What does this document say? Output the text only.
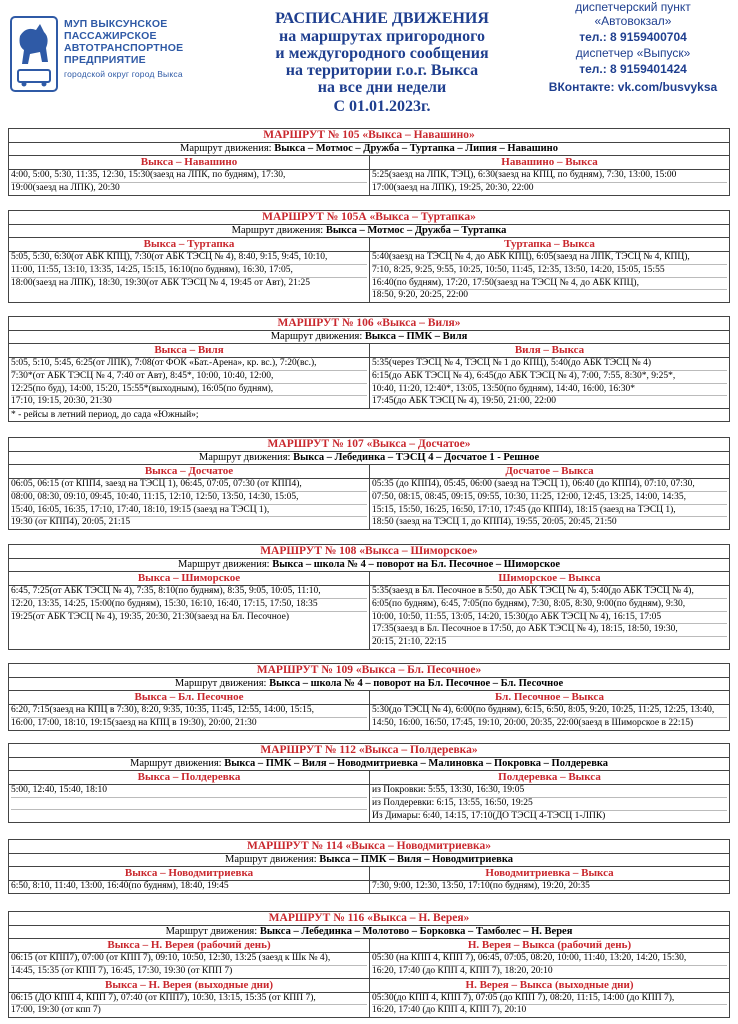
МУП ВЫКСУНСКОЕ
ПАССАЖИРСКОЕ
АВТОТРАНСПОРТНОЕ
ПРЕДПРИЯТИЕ
городской округ город Выкса
РАСПИСАНИЕ ДВИЖЕНИЯ
на маршрутах пригородного
и междугородного сообщения
на территории г.о.г. Выкса
на все дни недели
С 01.01.2023г.
диспетчерский пункт
«Автовокзал»
тел.: 8 9159400704
диспетчер «Выпуск»
тел.: 8 9159401424
ВКонтакте: vk.com/busvyksa
МАРШРУТ № 105 «Выкса – Навашино»
Маршрут движения: Выкса – Мотмос – Дружба – Туртапка – Липия – Навашино
Выкса – Навашино
4:00, 5:00, 5:30, 11:35, 12:30, 15:30(заезд на ЛПК, по будням), 17:30,
19:00(заезд на ЛПК), 20:30
Навашино – Выкса
5:25(заезд на ЛПК, ТЭЦ), 6:30(заезд на КПЦ, по будням), 7:30, 13:00, 15:00
17:00(заезд на ЛПК), 19:25, 20:30, 22:00
МАРШРУТ № 105А «Выкса – Туртапка»
Маршрут движения: Выкса – Мотмос – Дружба – Туртапка
Выкса – Туртапка
5:05, 5:30, 6:30(от АБК КПЦ), 7:30(от АБК ТЭСЦ № 4), 8:40, 9:15, 9:45, 10:10,
11:00, 11:55, 13:10, 13:35, 14:25, 15:15, 16:10(по будням), 16:30, 17:05,
18:00(заезд на ЛПК), 18:30, 19:30(от АБК ТЭСЦ № 4, 19:45 от Авт), 21:25
Туртапка – Выкса
5:40(заезд на ТЭСЦ № 4, до АБК КПЦ), 6:05(заезд на ЛПК, ТЭСЦ № 4, КПЦ),
7:10, 8:25, 9:25, 9:55, 10:25, 10:50, 11:45, 12:35, 13:50, 14:20, 15:05, 15:55
16:40(по будням), 17:20, 17:50(заезд на ТЭСЦ № 4, до АБК КПЦ),
18:50, 9:20, 20:25, 22:00
МАРШРУТ № 106 «Выкса – Виля»
Маршрут движения: Выкса – ПМК – Виля
Выкса – Виля
5:05, 5:10, 5:45, 6:25(от ЛПК), 7:08(от ФОК «Бат.-Арена», кр. вс.), 7:20(вс.),
7:30*(от АБК ТЭСЦ № 4, 7:40 от Авт), 8:45*, 10:00, 10:40, 12:00,
12:25(по буд), 14:00, 15:20, 15:55*(выходным), 16:05(по будням),
17:10, 19:15, 20:30, 21:30
Виля – Выкса
5:35(через ТЭСЦ № 4, ТЭСЦ № 1 до КПЦ), 5:40(до АБК ТЭСЦ № 4)
6:15(до АБК ТЭСЦ № 4), 6:45(до АБК ТЭСЦ № 4), 7:00, 7:55, 8:30*, 9:25*,
10:40, 11:20, 12:40*, 13:05, 13:50(по будням), 14:40, 16:00, 16:30*
17:45(до АБК ТЭСЦ № 4), 19:50, 21:00, 22:00
* - рейсы в летний период, до сада «Южный»;
МАРШРУТ № 107 «Выкса – Досчатое»
Маршрут движения: Выкса – Лебединка – ТЭСЦ 4 – Досчатое 1 - Решное
Выкса – Досчатое
06:05, 06:15 (от КПП4, заезд на ТЭСЦ 1), 06:45, 07:05, 07:30 (от КПП4),
08:00, 08:30, 09:10, 09:45, 10:40, 11:15, 12:10, 12:50, 13:50, 14:30, 15:05,
15:40, 16:05, 16:35, 17:10, 17:40, 18:10, 19:15 (заезд на ТЭСЦ 1),
19:30 (от КПП4), 20:05, 21:15
Досчатое – Выкса
05:35 (до КПП4), 05:45, 06:00 (заезд на ТЭСЦ 1), 06:40 (до КПП4), 07:10, 07:30,
07:50, 08:15, 08:45, 09:15, 09:55, 10:30, 11:25, 12:00, 12:45, 13:25, 14:00, 14:35,
15:15, 15:50, 16:25, 16:50, 17:10, 17:45 (до КПП4), 18:15 (заезд на ТЭСЦ 1),
18:50 (заезд на ТЭСЦ 1, до КПП4), 19:55, 20:05, 20:45, 21:50
МАРШРУТ № 108 «Выкса – Шиморское»
Маршрут движения: Выкса – школа № 4 – поворот на Бл. Песочное – Шиморское
Выкса – Шиморское
6:45, 7:25(от АБК ТЭСЦ № 4), 7:35, 8:10(по будням), 8:35, 9:05, 10:05, 11:10,
12:20, 13:35, 14:25, 15:00(по будням), 15:30, 16:10, 16:40, 17:15, 17:50, 18:35
19:25(от АБК ТЭСЦ № 4), 19:35, 20:30, 21:30(заезд на Бл. Песочное)
Шиморское – Выкса
5:35(заезд в Бл. Песочное в 5:50, до АБК ТЭСЦ № 4), 5:40(до АБК ТЭСЦ № 4),
6:05(по будням), 6:45, 7:05(по будням), 7:30, 8:05, 8:30, 9:00(по будням), 9:30,
10:00, 10:50, 11:55, 13:05, 14:20, 15:30(до АБК ТЭСЦ № 4), 16:15, 17:05
17:35(заезд в Бл. Песочное в 17:50, до АБК ТЭСЦ № 4), 18:15, 18:50, 19:30,
20:15, 21:10, 22:15
МАРШРУТ № 109 «Выкса – Бл. Песочное»
Маршрут движения: Выкса – школа № 4 – поворот на Бл. Песочное – Бл. Песочное
Выкса – Бл. Песочное
6:20, 7:15(заезд на КПЦ в 7:30), 8:20, 9:35, 10:35, 11:45, 12:55, 14:00, 15:15,
16:00, 17:00, 18:10, 19:15(заезд на КПЦ в 19:30), 20:00, 21:30
Бл. Песочное – Выкса
5:30(до ТЭСЦ № 4), 6:00(по будням), 6:15, 6:50, 8:05, 9:20, 10:25, 11:25, 12:25, 13:40,
14:50, 16:00, 16:50, 17:45, 19:10, 20:00, 20:35, 22:00(заезд в Шиморское в 22:15)
МАРШРУТ № 112 «Выкса – Полдеревка»
Маршрут движения: Выкса – ПМК – Виля – Новодмитриевка – Малиновка – Покровка – Полдеревка
Выкса – Полдеревка
5:00, 12:40, 15:40, 18:10
Полдеревка – Выкса
из Покровки: 5:55, 13:30, 16:30, 19:05
из Полдеревки: 6:15, 13:55, 16:50, 19:25
Из Димары: 6:40, 14:15, 17:10(ДО ТЭСЦ 4-ТЭСЦ 1-ЛПК)
МАРШРУТ № 114 «Выкса – Новодмитриевка»
Маршрут движения: Выкса – ПМК – Виля – Новодмитриевка
Выкса – Новодмитриевка
6:50, 8:10, 11:40, 13:00, 16:40(по будням), 18:40, 19:45
Новодмитриевка – Выкса
7:30, 9:00, 12:30, 13:50, 17:10(по будням), 19:20, 20:35
МАРШРУТ № 116 «Выкса – Н. Верея»
Маршрут движения: Выкса – Лебединка – Молотово – Борковка – Тамболес – Н. Верея
Выкса – Н. Верея (рабочий день)
06:15 (от КПП7), 07:00 (от КПП 7), 09:10, 10:50, 12:30, 13:25 (заезд к Шк № 4),
14:45, 15:35 (от КПП 7), 16:45, 17:30, 19:30 (от КПП 7)
Н. Верея – Выкса (рабочий день)
05:30 (на КПП 4, КПП 7), 06:45, 07:05, 08:20, 10:00, 11:40, 13:20, 14:20, 15:30,
16:20, 17:40 (до КПП 4, КПП 7), 18:20, 20:10
Выкса – Н. Верея (выходные дни)
06:15 (ДО КПП 4, КПП 7), 07:40 (от КПП7), 10:30, 13:15, 15:35 (от КПП 7),
17:00, 19:30 (от кпп 7)
Н. Верея – Выкса (выходные дни)
05:30(до КПП 4, КПП 7), 07:05 (до КПП 7), 08:20, 11:15, 14:00 (до КПП 7),
16:20, 17:40 (до КПП 4, КПП 7), 20:10
